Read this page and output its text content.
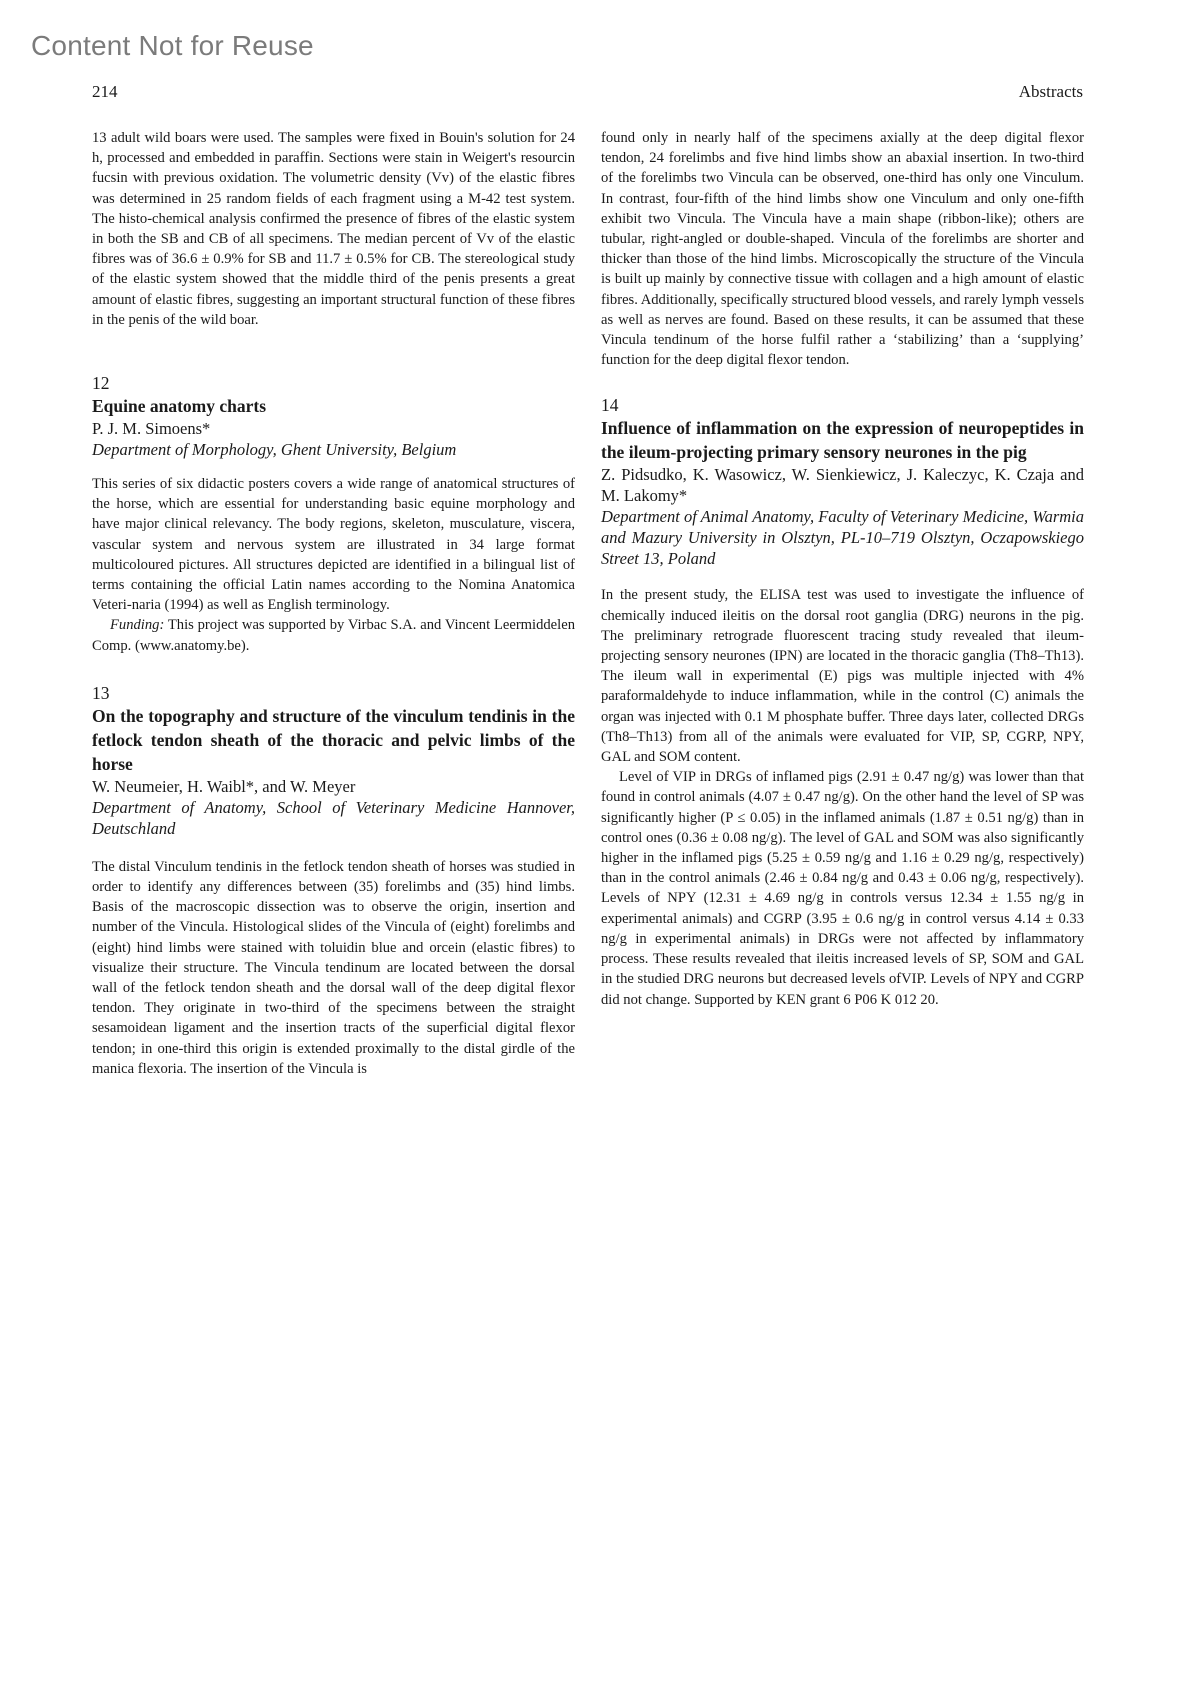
Content Not for Reuse
214	Abstracts

13 adult wild boars were used. The samples were fixed in Bouin's solution for 24 h, processed and embedded in paraffin. Sections were stain in Weigert's resourcin fucsin with previous oxidation. The volumetric density (Vv) of the elastic fibres was determined in 25 random fields of each fragment using a M-42 test system. The histo-chemical analysis confirmed the presence of fibres of the elastic system in both the SB and CB of all specimens. The median percent of Vv of the elastic fibres was of 36.6 ± 0.9% for SB and 11.7 ± 0.5% for CB. The stereological study of the elastic system showed that the middle third of the penis presents a great amount of elastic fibres, suggesting an important structural function of these fibres in the penis of the wild boar.

12

Equine anatomy charts

P. J. M. Simoens*

Department of Morphology, Ghent University, Belgium

This series of six didactic posters covers a wide range of anatomical structures of the horse, which are essential for understanding basic equine morphology and have major clinical relevancy. The body regions, skeleton, musculature, viscera, vascular system and nervous system are illustrated in 34 large format multicoloured pictures. All structures depicted are identified in a bilingual list of terms containing the official Latin names according to the Nomina Anatomica Veteri-naria (1994) as well as English terminology.

Funding: This project was supported by Virbac S.A. and Vincent Leermiddelen Comp. (www.anatomy.be).

13

On the topography and structure of the vinculum tendinis in the fetlock tendon sheath of the thoracic and pelvic limbs of the horse

W. Neumeier, H. Waibl*, and W. Meyer

Department of Anatomy, School of Veterinary Medicine Hannover, Deutschland

The distal Vinculum tendinis in the fetlock tendon sheath of horses was studied in order to identify any differences between (35) forelimbs and (35) hind limbs. Basis of the macroscopic dissection was to observe the origin, insertion and number of the Vincula. Histological slides of the Vincula of (eight) forelimbs and (eight) hind limbs were stained with toluidin blue and orcein (elastic fibres) to visualize their structure. The Vincula tendinum are located between the dorsal wall of the fetlock tendon sheath and the dorsal wall of the deep digital flexor tendon. They originate in two-third of the specimens between the straight sesamoidean ligament and the insertion tracts of the superficial digital flexor tendon; in one-third this origin is extended proximally to the distal girdle of the manica flexoria. The insertion of the Vincula is

found only in nearly half of the specimens axially at the deep digital flexor tendon, 24 forelimbs and five hind limbs show an abaxial insertion. In two-third of the forelimbs two Vincula can be observed, one-third has only one Vinculum. In contrast, four-fifth of the hind limbs show one Vinculum and only one-fifth exhibit two Vincula. The Vincula have a main shape (ribbon-like); others are tubular, right-angled or double-shaped. Vincula of the forelimbs are shorter and thicker than those of the hind limbs. Microscopically the structure of the Vincula is built up mainly by connective tissue with collagen and a high amount of elastic fibres. Additionally, specifically structured blood vessels, and rarely lymph vessels as well as nerves are found. Based on these results, it can be assumed that these Vincula tendinum of the horse fulfil rather a ‘stabilizing’ than a ‘supplying’ function for the deep digital flexor tendon.

14

Influence of inflammation on the expression of neuropeptides in the ileum-projecting primary sensory neurones in the pig

Z. Pidsudko, K. Wasowicz, W. Sienkiewicz, J. Kaleczyc, K. Czaja and M. Lakomy*

Department of Animal Anatomy, Faculty of Veterinary Medicine, Warmia and Mazury University in Olsztyn, PL-10–719 Olsztyn, Oczapowskiego Street 13, Poland

In the present study, the ELISA test was used to investigate the influence of chemically induced ileitis on the dorsal root ganglia (DRG) neurons in the pig. The preliminary retrograde fluorescent tracing study revealed that ileum-projecting sensory neurones (IPN) are located in the thoracic ganglia (Th8–Th13). The ileum wall in experimental (E) pigs was multiple injected with 4% paraformaldehyde to induce inflammation, while in the control (C) animals the organ was injected with 0.1 M phosphate buffer. Three days later, collected DRGs (Th8–Th13) from all of the animals were evaluated for VIP, SP, CGRP, NPY, GAL and SOM content.

Level of VIP in DRGs of inflamed pigs (2.91 ± 0.47 ng/g) was lower than that found in control animals (4.07 ± 0.47 ng/g). On the other hand the level of SP was significantly higher (P ≤ 0.05) in the inflamed animals (1.87 ± 0.51 ng/g) than in control ones (0.36 ± 0.08 ng/g). The level of GAL and SOM was also significantly higher in the inflamed pigs (5.25 ± 0.59 ng/g and 1.16 ± 0.29 ng/g, respectively) than in the control animals (2.46 ± 0.84 ng/g and 0.43 ± 0.06 ng/g, respectively). Levels of NPY (12.31 ± 4.69 ng/g in controls versus 12.34 ± 1.55 ng/g in experimental animals) and CGRP (3.95 ± 0.6 ng/g in control versus 4.14 ± 0.33 ng/g in experimental animals) in DRGs were not affected by inflammatory process. These results revealed that ileitis increased levels of SP, SOM and GAL in the studied DRG neurons but decreased levels ofVIP. Levels of NPY and CGRP did not change. Supported by KEN grant 6 P06 K 012 20.
